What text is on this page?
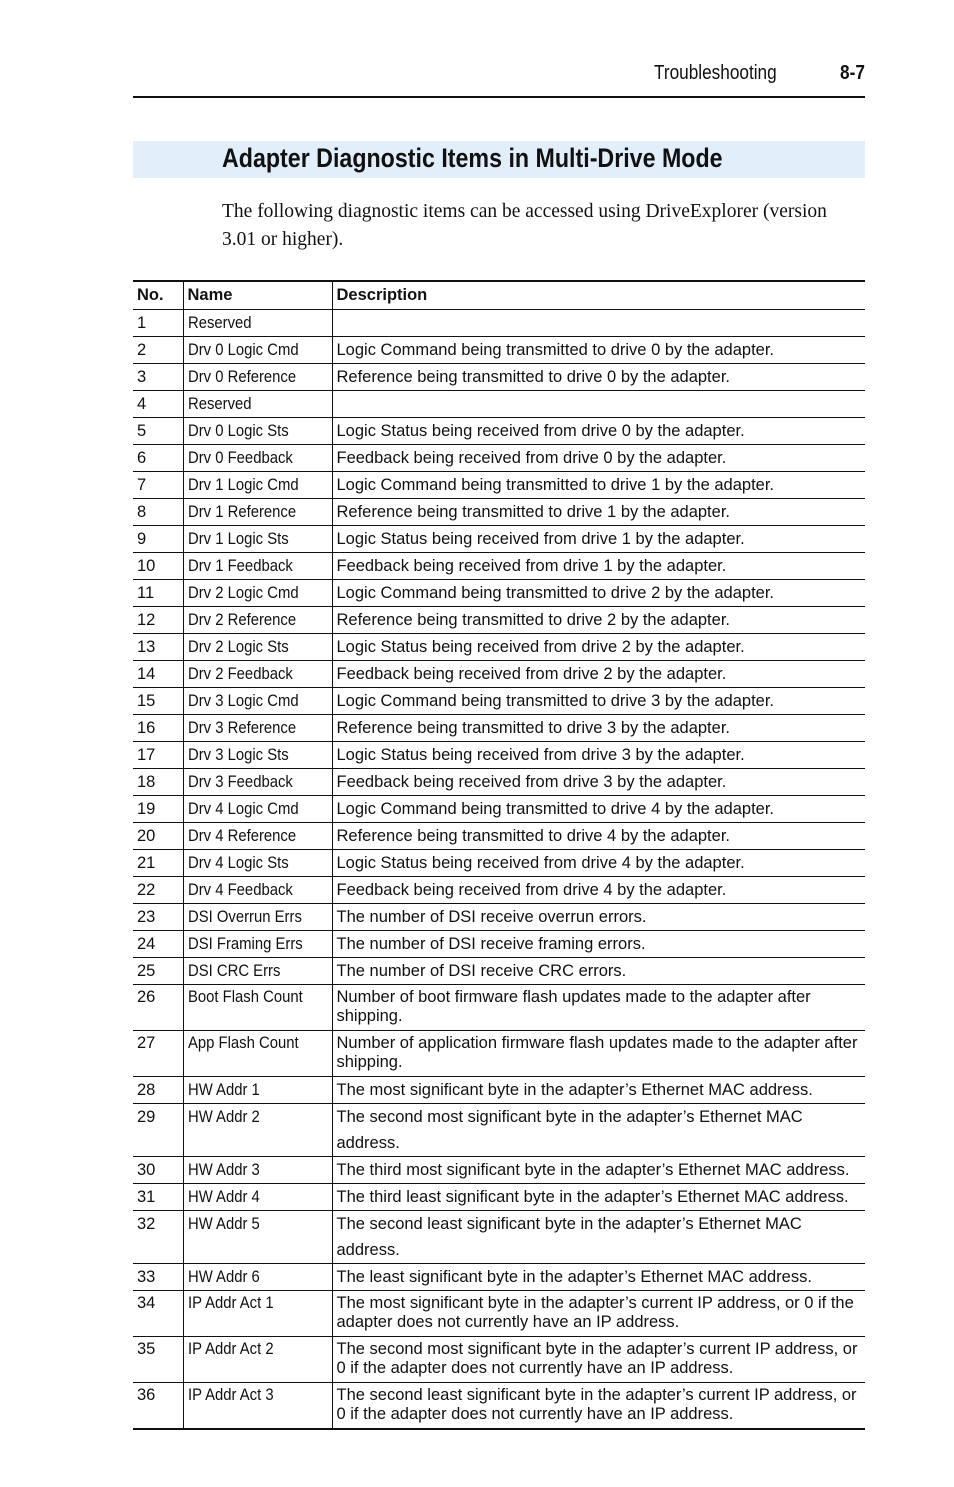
Troubleshooting	8-7
Adapter Diagnostic Items in Multi-Drive Mode

The following diagnostic items can be accessed using DriveExplorer (version 3.01 or higher).

No.	Name	Description
1	Reserved	
2	Drv 0 Logic Cmd	Logic Command being transmitted to drive 0 by the adapter.
3	Drv 0 Reference	Reference being transmitted to drive 0 by the adapter.
4	Reserved	
5	Drv 0 Logic Sts	Logic Status being received from drive 0 by the adapter.
6	Drv 0 Feedback	Feedback being received from drive 0 by the adapter.
7	Drv 1 Logic Cmd	Logic Command being transmitted to drive 1 by the adapter.
8	Drv 1 Reference	Reference being transmitted to drive 1 by the adapter.
9	Drv 1 Logic Sts	Logic Status being received from drive 1 by the adapter.
10	Drv 1 Feedback	Feedback being received from drive 1 by the adapter.
11	Drv 2 Logic Cmd	Logic Command being transmitted to drive 2 by the adapter.
12	Drv 2 Reference	Reference being transmitted to drive 2 by the adapter.
13	Drv 2 Logic Sts	Logic Status being received from drive 2 by the adapter.
14	Drv 2 Feedback	Feedback being received from drive 2 by the adapter.
15	Drv 3 Logic Cmd	Logic Command being transmitted to drive 3 by the adapter.
16	Drv 3 Reference	Reference being transmitted to drive 3 by the adapter.
17	Drv 3 Logic Sts	Logic Status being received from drive 3 by the adapter.
18	Drv 3 Feedback	Feedback being received from drive 3 by the adapter.
19	Drv 4 Logic Cmd	Logic Command being transmitted to drive 4 by the adapter.
20	Drv 4 Reference	Reference being transmitted to drive 4 by the adapter.
21	Drv 4 Logic Sts	Logic Status being received from drive 4 by the adapter.
22	Drv 4 Feedback	Feedback being received from drive 4 by the adapter.
23	DSI Overrun Errs	The number of DSI receive overrun errors.
24	DSI Framing Errs	The number of DSI receive framing errors.
25	DSI CRC Errs	The number of DSI receive CRC errors.
26	Boot Flash Count	Number of boot firmware flash updates made to the adapter after shipping.
27	App Flash Count	Number of application firmware flash updates made to the adapter after shipping.
28	HW Addr 1	The most significant byte in the adapter’s Ethernet MAC address.
29	HW Addr 2	The second most significant byte in the adapter’s Ethernet MAC address.
30	HW Addr 3	The third most significant byte in the adapter’s Ethernet MAC address.
31	HW Addr 4	The third least significant byte in the adapter’s Ethernet MAC address.
32	HW Addr 5	The second least significant byte in the adapter’s Ethernet MAC address.
33	HW Addr 6	The least significant byte in the adapter’s Ethernet MAC address.
34	IP Addr Act 1	The most significant byte in the adapter’s current IP address, or 0 if the adapter does not currently have an IP address.
35	IP Addr Act 2	The second most significant byte in the adapter’s current IP address, or 0 if the adapter does not currently have an IP address.
36	IP Addr Act 3	The second least significant byte in the adapter’s current IP address, or 0 if the adapter does not currently have an IP address.
